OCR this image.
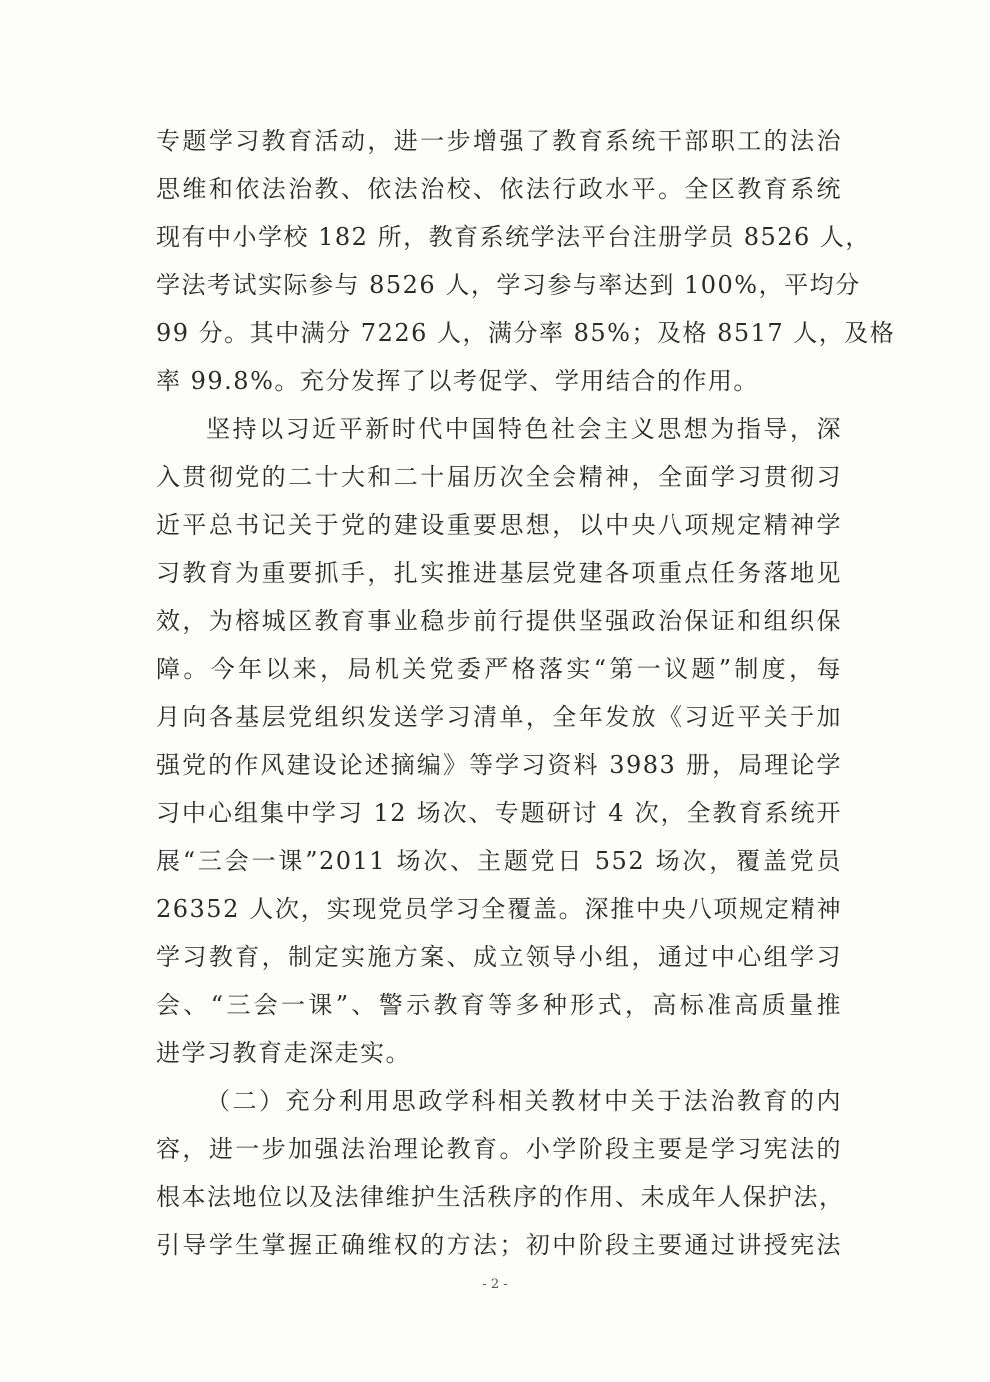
专题学习教育活动，进一步增强了教育系统干部职工的法治
思维和依法治教、依法治校、依法行政水平。全区教育系统
现有中小学校 182 所，教育系统学法平台注册学员 8526 人，
学法考试实际参与 8526 人，学习参与率达到 100%，平均分
99 分。其中满分 7226 人，满分率 85%；及格 8517 人，及格
率 99.8%。充分发挥了以考促学、学用结合的作用。
坚持以习近平新时代中国特色社会主义思想为指导，深
入贯彻党的二十大和二十届历次全会精神，全面学习贯彻习
近平总书记关于党的建设重要思想，以中央八项规定精神学
习教育为重要抓手，扎实推进基层党建各项重点任务落地见
效，为榕城区教育事业稳步前行提供坚强政治保证和组织保
障。今年以来，局机关党委严格落实“第一议题”制度，每
月向各基层党组织发送学习清单，全年发放《习近平关于加
强党的作风建设论述摘编》等学习资料 3983 册，局理论学
习中心组集中学习 12 场次、专题研讨 4 次，全教育系统开
展“三会一课”2011 场次、主题党日 552 场次，覆盖党员
26352 人次，实现党员学习全覆盖。深推中央八项规定精神
学习教育，制定实施方案、成立领导小组，通过中心组学习
会、“三会一课”、警示教育等多种形式，高标准高质量推
进学习教育走深走实。
（二）充分利用思政学科相关教材中关于法治教育的内
容，进一步加强法治理论教育。小学阶段主要是学习宪法的
根本法地位以及法律维护生活秩序的作用、未成年人保护法，
引导学生掌握正确维权的方法；初中阶段主要通过讲授宪法
- 2 -
